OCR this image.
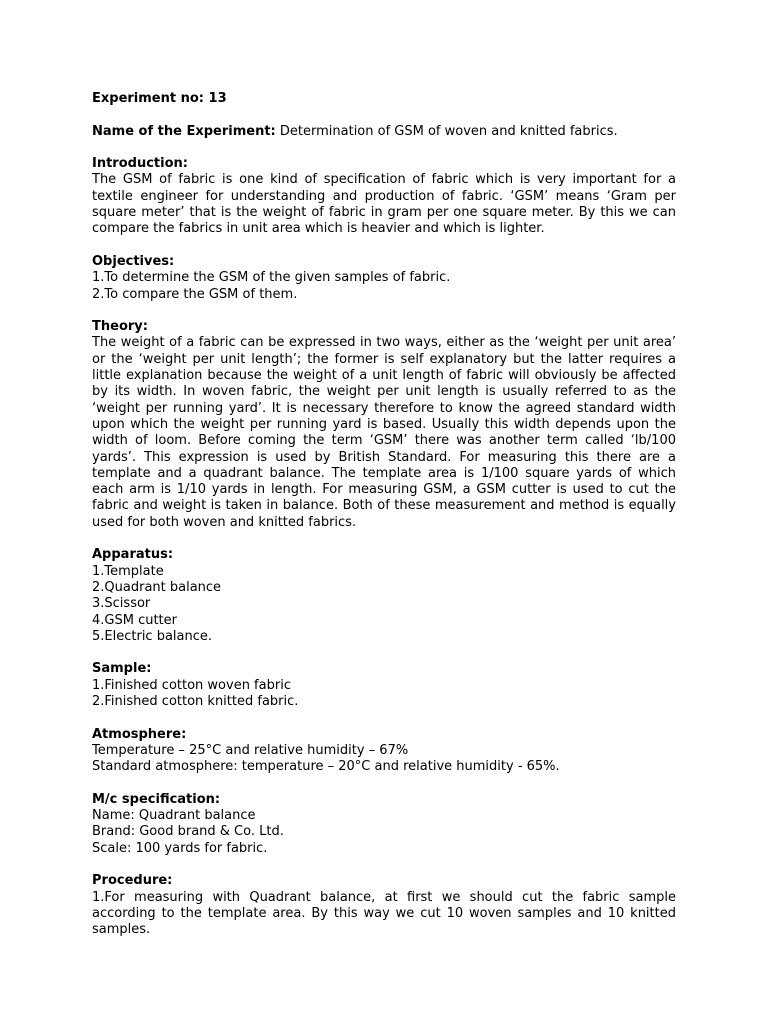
Experiment no: 13

Name of the Experiment: Determination of GSM of woven and knitted fabrics.

Introduction:

The GSM of fabric is one kind of specification of fabric which is very important for a textile engineer for understanding and production of fabric. ‘GSM’ means ‘Gram per square meter’ that is the weight of fabric in gram per one square meter. By this we can compare the fabrics in unit area which is heavier and which is lighter.

Objectives:

1.To determine the GSM of the given samples of fabric.
2.To compare the GSM of them.

Theory:

The weight of a fabric can be expressed in two ways, either as the ‘weight per unit area’ or the ‘weight per unit length’; the former is self explanatory but the latter requires a little explanation because the weight of a unit length of fabric will obviously be affected by its width. In woven fabric, the weight per unit length is usually referred to as the ‘weight per running yard’. It is necessary therefore to know the agreed standard width upon which the weight per running yard is based. Usually this width depends upon the width of loom. Before coming the term ‘GSM’ there was another term called ‘lb/100 yards’. This expression is used by British Standard. For measuring this there are a template and a quadrant balance. The template area is 1/100 square yards of which each arm is 1/10 yards in length. For measuring GSM, a GSM cutter is used to cut the fabric and weight is taken in balance. Both of these measurement and method is equally used for both woven and knitted fabrics.

Apparatus:

1.Template
2.Quadrant balance
3.Scissor
4.GSM cutter
5.Electric balance.

Sample:

1.Finished cotton woven fabric
2.Finished cotton knitted fabric.

Atmosphere:

Temperature – 25°C and relative humidity – 67%
Standard atmosphere: temperature – 20°C and relative humidity - 65%.

M/c specification:

Name: Quadrant balance
Brand: Good brand & Co. Ltd.
Scale: 100 yards for fabric.

Procedure:

1.For measuring with Quadrant balance, at first we should cut the fabric sample according to the template area. By this way we cut 10 woven samples and 10 knitted samples.
